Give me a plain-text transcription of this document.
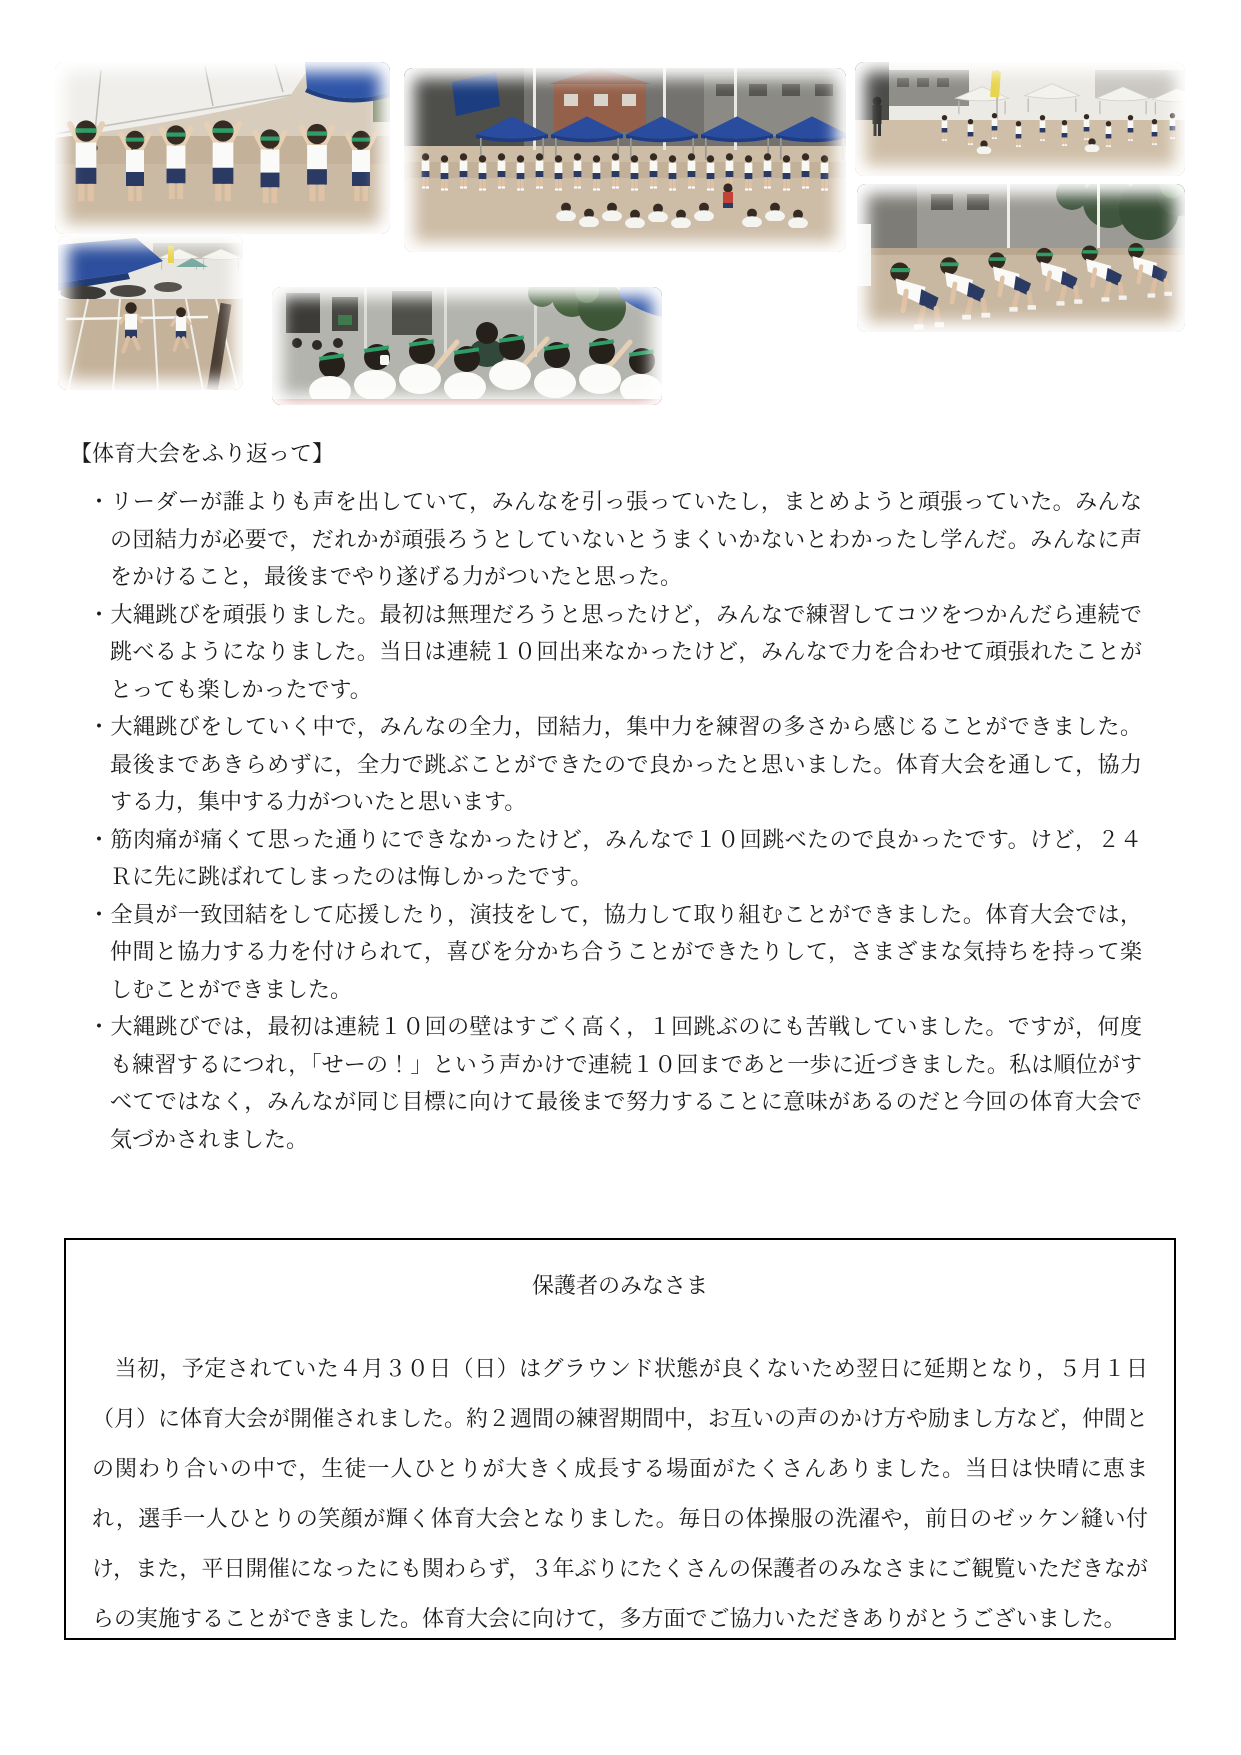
【体育大会をふり返って】
・リーダーが誰よりも声を出していて，みんなを引っ張っていたし，まとめようと頑張っていた。みんなの団結力が必要で，だれかが頑張ろうとしていないとうまくいかないとわかったし学んだ。みんなに声をかけること，最後までやり遂げる力がついたと思った。
・大縄跳びを頑張りました。最初は無理だろうと思ったけど，みんなで練習してコツをつかんだら連続で跳べるようになりました。当日は連続１０回出来なかったけど，みんなで力を合わせて頑張れたことがとっても楽しかったです。
・大縄跳びをしていく中で，みんなの全力，団結力，集中力を練習の多さから感じることができました。最後まであきらめずに，全力で跳ぶことができたので良かったと思いました。体育大会を通して，協力する力，集中する力がついたと思います。
・筋肉痛が痛くて思った通りにできなかったけど，みんなで１０回跳べたので良かったです。けど，２４Ｒに先に跳ばれてしまったのは悔しかったです。
・全員が一致団結をして応援したり，演技をして，協力して取り組むことができました。体育大会では，仲間と協力する力を付けられて，喜びを分かち合うことができたりして，さまざまな気持ちを持って楽しむことができました。
・大縄跳びでは，最初は連続１０回の壁はすごく高く，１回跳ぶのにも苦戦していました。ですが，何度も練習するにつれ，「せーの！」という声かけで連続１０回まであと一歩に近づきました。私は順位がすべてではなく，みんなが同じ目標に向けて最後まで努力することに意味があるのだと今回の体育大会で気づかされました。
保護者のみなさま

　当初，予定されていた４月３０日（日）はグラウンド状態が良くないため翌日に延期となり，５月１日（月）に体育大会が開催されました。約２週間の練習期間中，お互いの声のかけ方や励まし方など，仲間との関わり合いの中で，生徒一人ひとりが大きく成長する場面がたくさんありました。当日は快晴に恵まれ，選手一人ひとりの笑顔が輝く体育大会となりました。毎日の体操服の洗濯や，前日のゼッケン縫い付け，また，平日開催になったにも関わらず，３年ぶりにたくさんの保護者のみなさまにご観覧いただきながらの実施することができました。体育大会に向けて，多方面でご協力いただきありがとうございました。
